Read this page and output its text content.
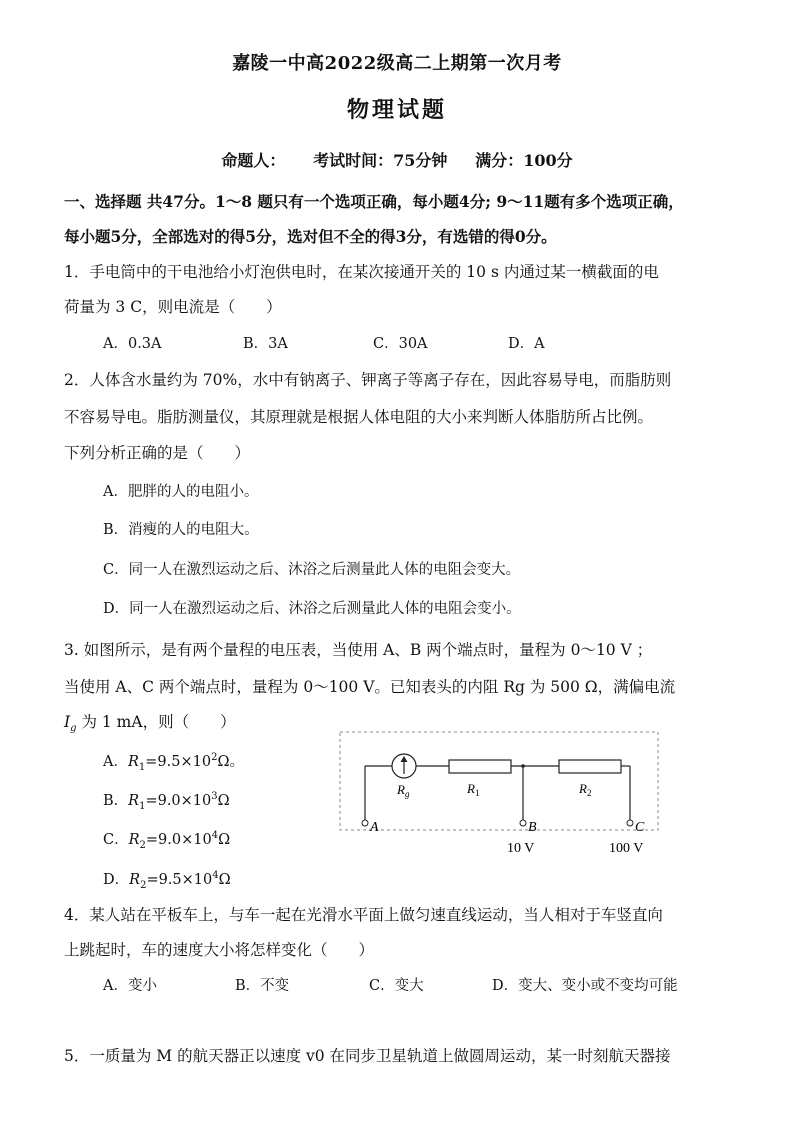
嘉陵一中高2022级高二上期第一次月考
物理试题
命题人：     考试时间：75分钟     满分：100分
一、选择题 共47分。1～8 题只有一个选项正确，每小题4分; 9～11题有多个选项正确，
每小题5分，全部选对的得5分，选对但不全的得3分，有选错的得0分。
1．手电筒中的干电池给小灯泡供电时，在某次接通开关的 10 s 内通过某一横截面的电
荷量为 3 C，则电流是（　　）
A．0.3A	B．3A	C．30A	D．A
2．人体含水量约为 70%，水中有钠离子、钾离子等离子存在，因此容易导电，而脂肪则
不容易导电。脂肪测量仪，其原理就是根据人体电阻的大小来判断人体脂肪所占比例。
下列分析正确的是（　　）
A．肥胖的人的电阻小。
B．消瘦的人的电阻大。
C．同一人在激烈运动之后、沐浴之后测量此人体的电阻会变大。
D．同一人在激烈运动之后、沐浴之后测量此人体的电阻会变小。
3. 如图所示，是有两个量程的电压表，当使用 A、B 两个端点时，量程为 0～10 V ；
当使用 A、C 两个端点时，量程为 0～100 V。已知表头的内阻 Rg 为 500 Ω，满偏电流
$I_g$ 为 1 mA，则（　　）
A．$R_1=9.5\times 10^2\Omega$。
B．$R_1=9.0\times 10^3\Omega$
C．$R_2=9.0\times 10^4\Omega$
D．$R_2=9.5\times 10^4\Omega$
$R_g$	$R_1$	$R_2$
A	B	C
10 V	100 V
4．某人站在平板车上，与车一起在光滑水平面上做匀速直线运动，当人相对于车竖直向
上跳起时，车的速度大小将怎样变化（　　）
A．变小	B．不变	C．变大	D．变大、变小或不变均可能
5．一质量为 M 的航天器正以速度 v0 在同步卫星轨道上做圆周运动，某一时刻航天器接
